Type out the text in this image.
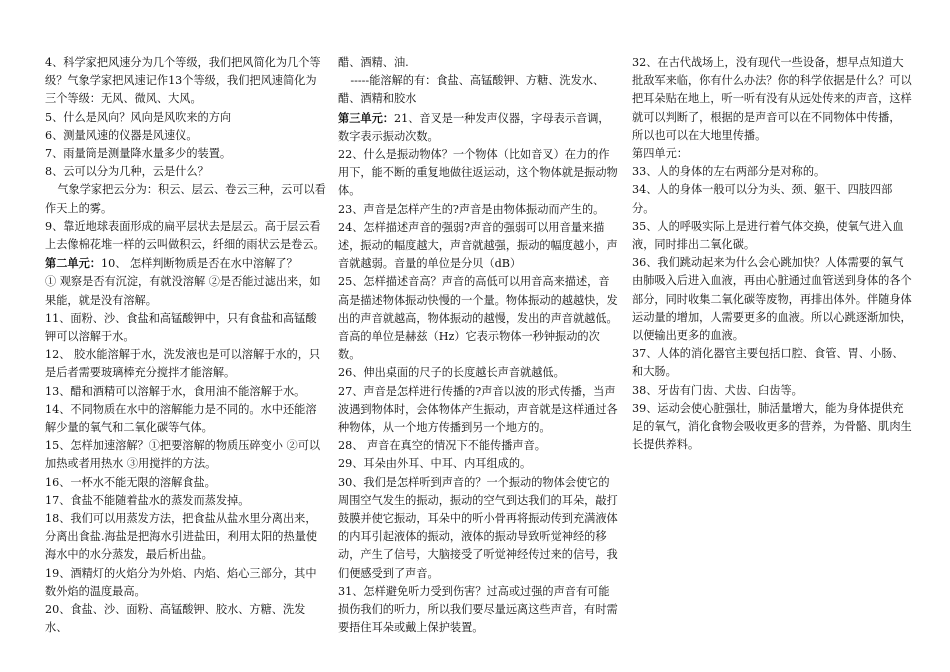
4、科学家把风速分为几个等级，我们把风简化为几个等级？气象学家把风速记作13个等级，我们把风速简化为三个等级：无风、微风、大风。

5、什么是风向？风向是风吹来的方向

6、测量风速的仪器是风速仪。

7、雨量筒是测量降水量多少的装置。

8、云可以分为几种，云是什么？

气象学家把云分为：积云、层云、卷云三种，云可以看作天上的雾。

9、靠近地球表面形成的扁平层状去是层云。高于层云看上去像棉花堆一样的云叫做积云，纤细的雨状云是卷云。

第二单元：10、 怎样判断物质是否在水中溶解了？

① 观察是否有沉淀，有就没溶解 ②是否能过滤出来，如果能，就是没有溶解。

11、面粉、沙、食盐和高锰酸钾中，只有食盐和高锰酸钾可以溶解于水。

12、 胶水能溶解于水，洗发液也是可以溶解于水的，只是后者需要玻璃棒充分搅拌才能溶解。

13、醋和酒精可以溶解于水，食用油不能溶解于水。

14、不同物质在水中的溶解能力是不同的。水中还能溶解少量的氧气和二氧化碳等气体。

15、怎样加速溶解？①把要溶解的物质压碎变小 ②可以加热或者用热水 ③用搅拌的方法。

16、一杯水不能无限的溶解食盐。

17、食盐不能随着盐水的蒸发而蒸发掉。

18、我们可以用蒸发方法，把食盐从盐水里分离出来，分离出食盐.海盐是把海水引进盐田，利用太阳的热量使海水中的水分蒸发，最后析出盐。

19、酒精灯的火焰分为外焰、内焰、焰心三部分，其中数外焰的温度最高。

20、食盐、沙、面粉、高锰酸钾、胶水、方糖、洗发水、

醋、酒精、油.

-----能溶解的有：食盐、高锰酸钾、方糖、洗发水、醋、酒精和胶水

第三单元：21、音叉是一种发声仪器，字母表示音调，数字表示振动次数。

22、什么是振动物体？一个物体（比如音叉）在力的作用下，能不断的重复地做往返运动，这个物体就是振动物体。

23、声音是怎样产生的?声音是由物体振动而产生的。

24、怎样描述声音的强弱?声音的强弱可以用音量来描述，振动的幅度越大，声音就越强，振动的幅度越小，声音就越弱。音量的单位是分贝（dB）

25、怎样描述音高？声音的高低可以用音高来描述，音高是描述物体振动快慢的一个量。物体振动的越越快，发出的声音就越高，物体振动的越慢，发出的声音就越低。音高的单位是赫兹（Hz）它表示物体一秒钟振动的次数。

26、伸出桌面的尺子的长度越长声音就越低。

27、声音是怎样进行传播的?声音以波的形式传播，当声波遇到物体时，会体物体产生振动，声音就是这样通过各种物体，从一个地方传播到另一个地方的。

28、 声音在真空的情况下不能传播声音。

29、耳朵由外耳、中耳、内耳组成的。

30、我们是怎样听到声音的？一个振动的物体会使它的周围空气发生的振动，振动的空气到达我们的耳朵，敲打鼓膜并使它振动，耳朵中的听小骨再将振动传到充满液体的内耳引起液体的振动，液体的振动导致听觉神经的移动，产生了信号，大脑接受了听觉神经传过来的信号，我们便感受到了声音。

31、怎样避免听力受到伤害？过高或过强的声音有可能损伤我们的听力，所以我们要尽量远离这些声音，有时需要捂住耳朵或戴上保护装置。

32、在古代战场上，没有现代一些设备，想早点知道大批敌军来临，你有什么办法？你的科学依据是什么？可以把耳朵贴在地上，听一听有没有从远处传来的声音，这样就可以判断了，根据的是声音可以在不同物体中传播， 所以也可以在大地里传播。

第四单元：

33、人的身体的左右两部分是对称的。

34、人的身体一般可以分为头、颈、躯干、四肢四部分。

35、人的呼吸实际上是进行着气体交换，使氧气进入血液，同时排出二氧化碳。

36、我们跳动起来为什么会心跳加快？人体需要的氧气由肺吸入后进入血液，再由心脏通过血管送到身体的各个部分，同时收集二氧化碳等废物，再排出体外。伴随身体运动量的增加，人需要更多的血液。所以心跳逐渐加快，以便输出更多的血液。

37、人体的消化器官主要包括口腔、食管、胃、小肠、和大肠。

38、牙齿有门齿、犬齿、臼齿等。

39、运动会使心脏强壮，肺活量增大，能为身体提供充足的氧气，消化食物会吸收更多的营养，为骨骼、肌肉生长提供养料。
